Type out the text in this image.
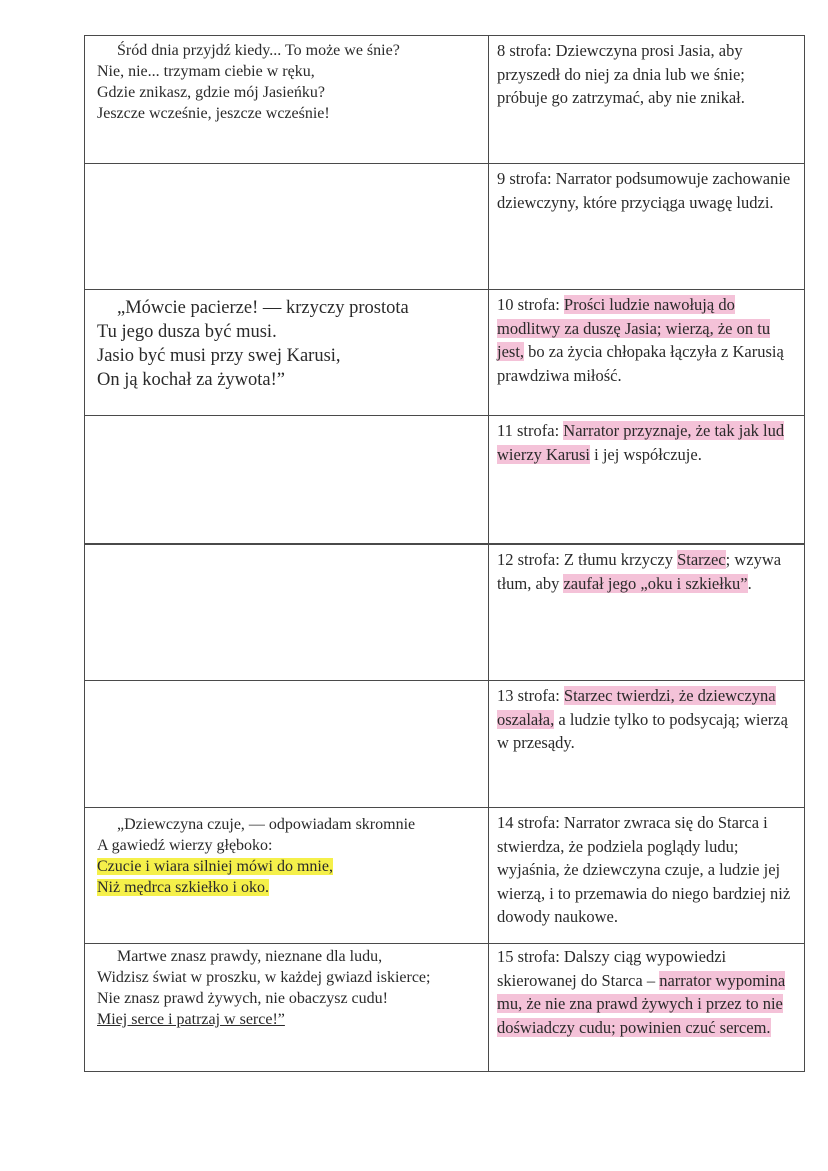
Śród dnia przyjdź kiedy... To może we śnie?
Nie, nie... trzymam ciebie w ręku,
Gdzie znikasz, gdzie mój Jasieńku?
Jeszcze wcześnie, jeszcze wcześnie!	8 strofa: Dziewczyna prosi Jasia, aby przyszedł do niej za dnia lub we śnie; próbuje go zatrzymać, aby nie znikał.

	9 strofa: Narrator podsumowuje zachowanie dziewczyny, które przyciąga uwagę ludzi.

„Mówcie pacierze! — krzyczy prostota
Tu jego dusza być musi.
Jasio być musi przy swej Karusi,
On ją kochał za żywota!”	10 strofa: Prości ludzie nawołują do modlitwy za duszę Jasia; wierzą, że on tu jest, bo za życia chłopaka łączyła z Karusią prawdziwa miłość.

	11 strofa: Narrator przyznaje, że tak jak lud wierzy Karusi i jej współczuje.

	12 strofa: Z tłumu krzyczy Starzec; wzywa tłum, aby zaufał jego „oku i szkiełku”.

	13 strofa: Starzec twierdzi, że dziewczyna oszalała, a ludzie tylko to podsycają; wierzą w przesądy.

„Dziewczyna czuje, — odpowiadam skromnie
A gawiedź wierzy głęboko:
Czucie i wiara silniej mówi do mnie,
Niż mędrca szkiełko i oko.	14 strofa: Narrator zwraca się do Starca i stwierdza, że podziela poglądy ludu; wyjaśnia, że dziewczyna czuje, a ludzie jej wierzą, i to przemawia do niego bardziej niż dowody naukowe.

Martwe znasz prawdy, nieznane dla ludu,
Widzisz świat w proszku, w każdej gwiazd iskierce;
Nie znasz prawd żywych, nie obaczysz cudu!
Miej serce i patrzaj w serce!”	15 strofa: Dalszy ciąg wypowiedzi skierowanej do Starca – narrator wypomina mu, że nie zna prawd żywych i przez to nie doświadczy cudu; powinien czuć sercem.
